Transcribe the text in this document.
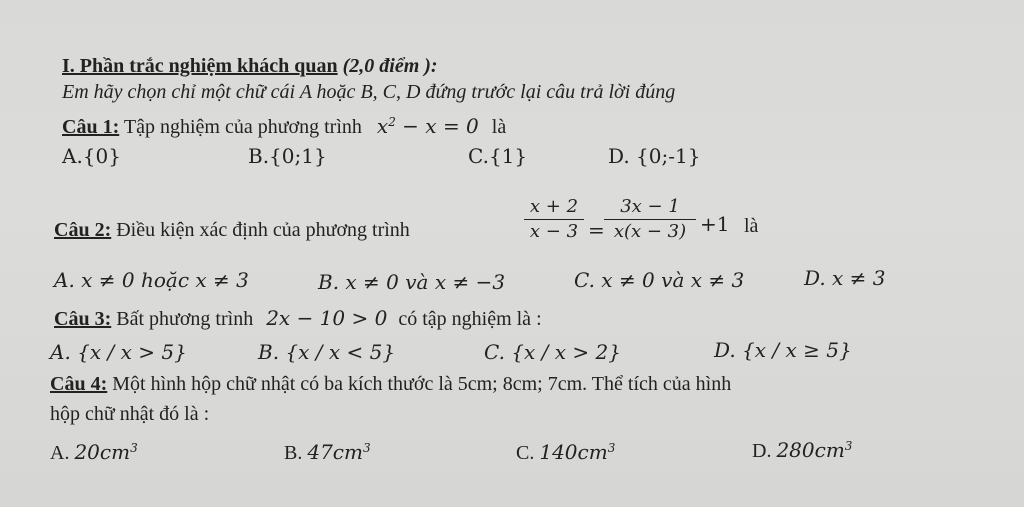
I. Phần trắc nghiệm khách quan (2,0 điểm ):
Em hãy chọn chỉ một chữ cái A hoặc B, C, D đứng trước lại câu trả lời đúng
Câu 1: Tập nghiệm của phương trình $x^2 - x = 0$ là
A.{0}	B.{0;1}	C.{1}	D. {0;-1}
Câu 2: Điều kiện xác định của phương trình
x + 2
x − 3 =
3x − 1
x(x − 3) +1 là
A. x ≠ 0 hoặc x ≠ 3	B. x ≠ 0 và x ≠ −3	C. x ≠ 0 và x ≠ 3	D. x ≠ 3
Câu 3: Bất phương trình 2x − 10 > 0 có tập nghiệm là :
A. {x / x > 5}	B. {x / x < 5}	C. {x / x > 2}	D. {x / x ≥ 5}
Câu 4: Một hình hộp chữ nhật có ba kích thước là 5cm; 8cm; 7cm. Thể tích của hình
hộp chữ nhật đó là :
A. $20cm^3$	B. $47cm^3$	C. $140cm^3$	D. $280cm^3$
